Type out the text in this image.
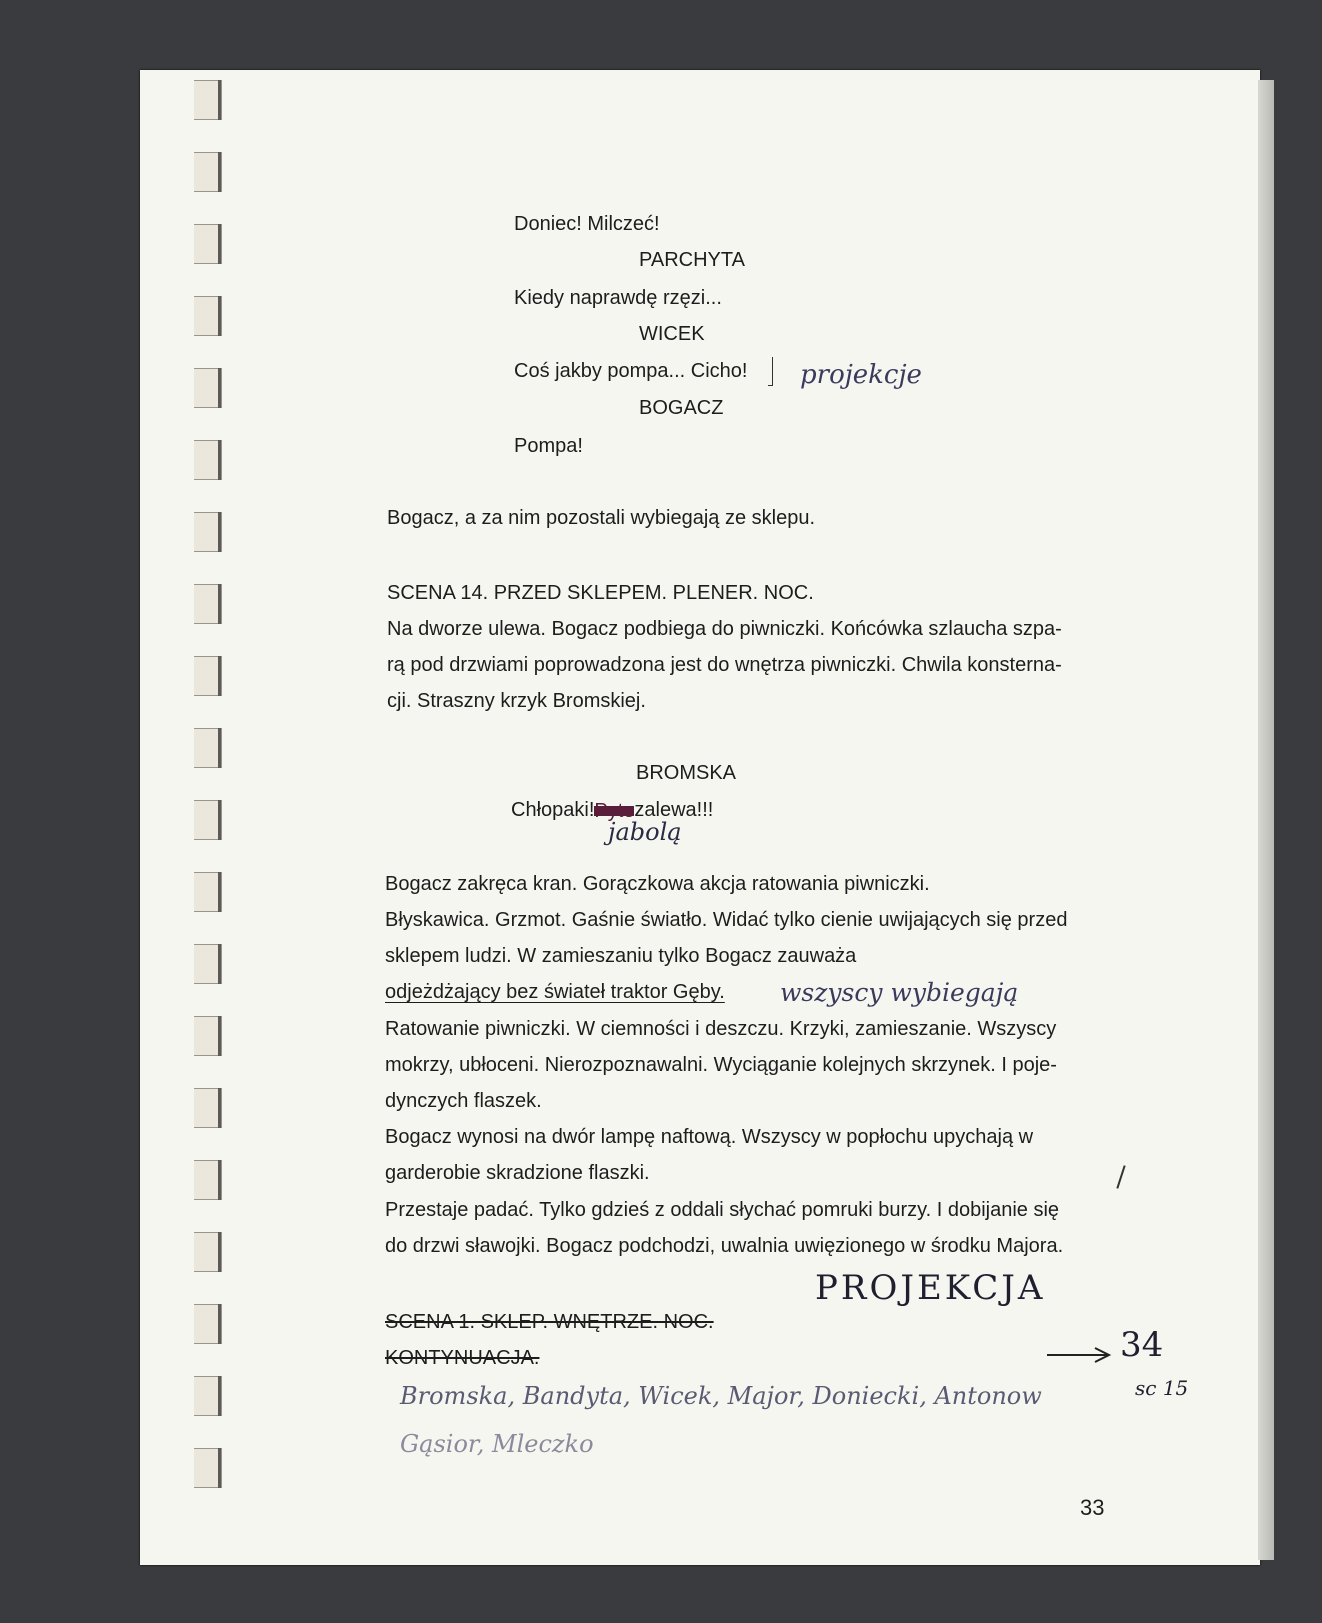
Doniec! Milczeć!
PARCHYTA
Kiedy naprawdę rzęzi...
WICEK
Coś jakby pompa... Cicho! projekcje
BOGACZ
Pompa!
Bogacz, a za nim pozostali wybiegają ze sklepu.
SCENA 14. PRZED SKLEPEM. PLENER. NOC.
Na dworze ulewa. Bogacz podbiega do piwniczki. Końcówka szlaucha szpa-
rą pod drzwiami poprowadzona jest do wnętrza piwniczki. Chwila konsterna-
cji. Straszny krzyk Bromskiej.
BROMSKA
Chłopaki!Pytezalewa!!!
jabolą
Bogacz zakręca kran. Gorączkowa akcja ratowania piwniczki.
Błyskawica. Grzmot. Gaśnie światło. Widać tylko cienie uwijających się przed
sklepem ludzi. W zamieszaniu tylko Bogacz zauważa
odjeżdżający bez świateł traktor Gęby. wszyscy wybiegają
Ratowanie piwniczki. W ciemności i deszczu. Krzyki, zamieszanie. Wszyscy
mokrzy, ubłoceni. Nierozpoznawalni. Wyciąganie kolejnych skrzynek. I poje-
dynczych flaszek.
Bogacz wynosi na dwór lampę naftową. Wszyscy w popłochu upychają w
garderobie skradzione flaszki.
Przestaje padać. Tylko gdzieś z oddali słychać pomruki burzy. I dobijanie się
do drzwi sławojki. Bogacz podchodzi, uwalnia uwięzionego w środku Majora.
PROJEKCJA
SCENA 1. SKLEP. WNĘTRZE. NOC.
KONTYNUACJA.	34
sc 15
Bromska, Bandyta, Wicek, Major, Doniecki, Antonow
Gąsior, Mleczko
33
